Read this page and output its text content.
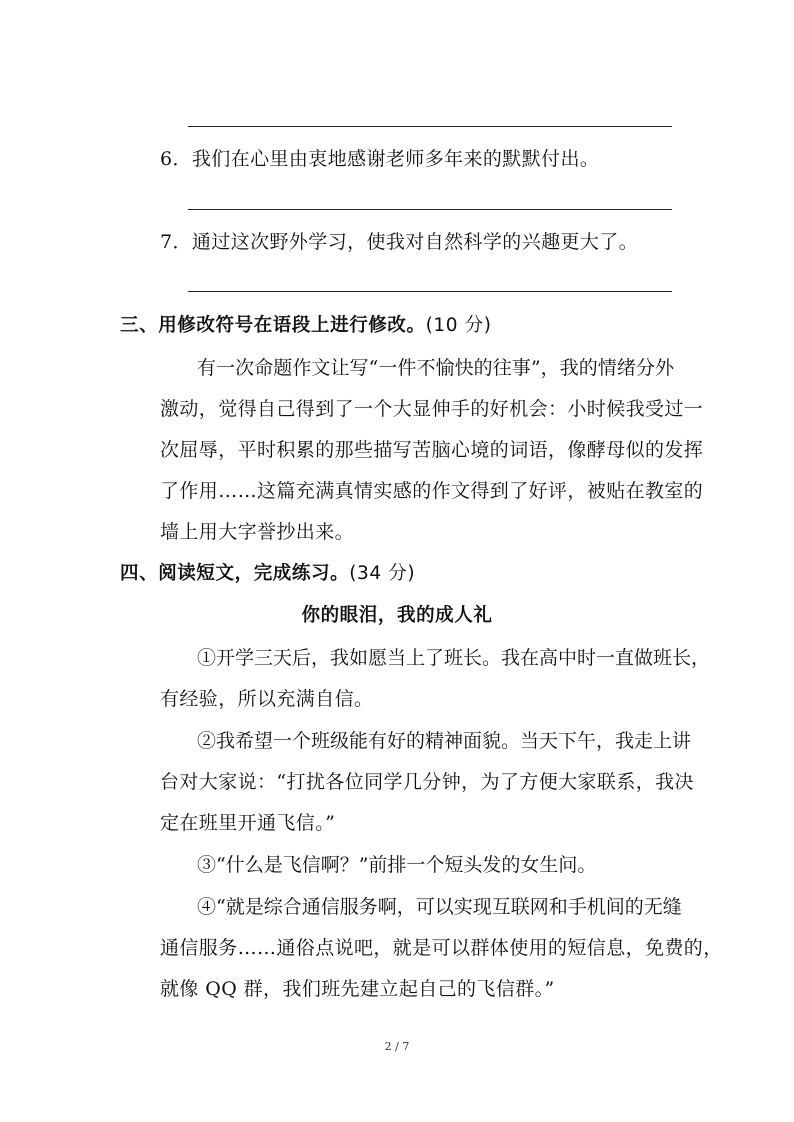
6．我们在心里由衷地感谢老师多年来的默默付出。
7．通过这次野外学习，使我对自然科学的兴趣更大了。
三、用修改符号在语段上进行修改。(10 分)
有一次命题作文让写“一件不愉快的往事”，我的情绪分外
激动，觉得自己得到了一个大显伸手的好机会：小时候我受过一
次屈辱，平时积累的那些描写苦脑心境的词语，像酵母似的发挥
了作用……这篇充满真情实感的作文得到了好评，被贴在教室的
墙上用大字誉抄出来。
四、阅读短文，完成练习。(34 分)
你的眼泪，我的成人礼
①开学三天后，我如愿当上了班长。我在高中时一直做班长，
有经验，所以充满自信。
②我希望一个班级能有好的精神面貌。当天下午，我走上讲
台对大家说：“打扰各位同学几分钟，为了方便大家联系，我决
定在班里开通飞信。”
③“什么是飞信啊？”前排一个短头发的女生问。
④“就是综合通信服务啊，可以实现互联网和手机间的无缝
通信服务……通俗点说吧，就是可以群体使用的短信息，免费的，
就像 QQ 群，我们班先建立起自己的飞信群。”
2 / 7
